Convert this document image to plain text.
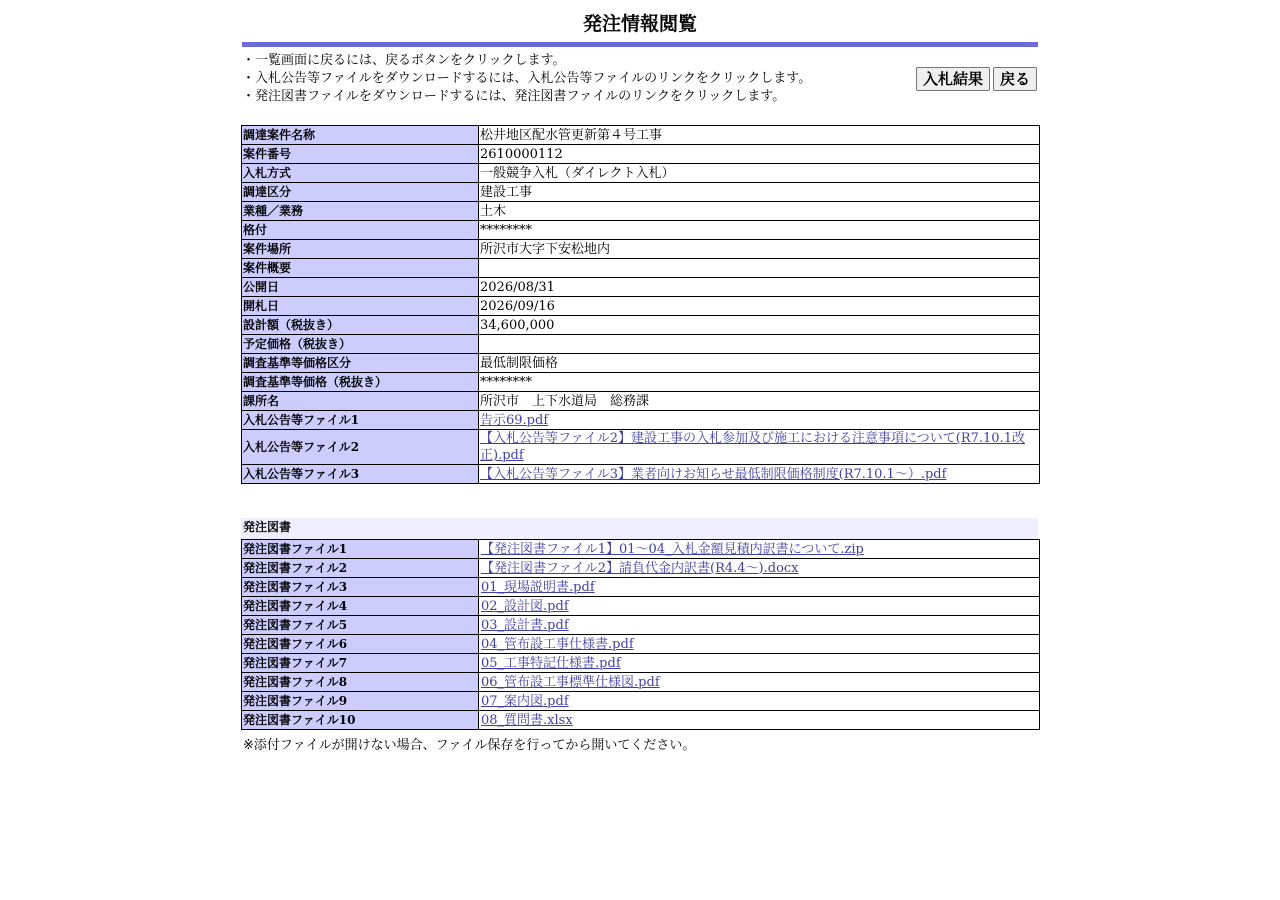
発注情報閲覧
・一覧画面に戻るには、戻るボタンをクリックします。
・入札公告等ファイルをダウンロードするには、入札公告等ファイルのリンクをクリックします。
・発注図書ファイルをダウンロードするには、発注図書ファイルのリンクをクリックします。
入札結果	戻る
調達案件名称	松井地区配水管更新第４号工事
案件番号	2610000112
入札方式	一般競争入札（ダイレクト入札）
調達区分	建設工事
業種／業務	土木
格付	********
案件場所	所沢市大字下安松地内
案件概要	
公開日	2026/08/31
開札日	2026/09/16
設計額（税抜き）	34,600,000
予定価格（税抜き）	
調査基準等価格区分	最低制限価格
調査基準等価格（税抜き）	********
課所名	所沢市　上下水道局　総務課
入札公告等ファイル1	告示69.pdf
入札公告等ファイル2	【入札公告等ファイル2】建設工事の入札参加及び施工における注意事項について(R7.10.1改正).pdf
入札公告等ファイル3	【入札公告等ファイル3】業者向けお知らせ最低制限価格制度(R7.10.1～）.pdf
発注図書
発注図書ファイル1	【発注図書ファイル1】01～04_入札金額見積内訳書について.zip
発注図書ファイル2	【発注図書ファイル2】請負代金内訳書(R4.4～).docx
発注図書ファイル3	01_現場説明書.pdf
発注図書ファイル4	02_設計図.pdf
発注図書ファイル5	03_設計書.pdf
発注図書ファイル6	04_管布設工事仕様書.pdf
発注図書ファイル7	05_工事特記仕様書.pdf
発注図書ファイル8	06_管布設工事標準仕様図.pdf
発注図書ファイル9	07_案内図.pdf
発注図書ファイル10	08_質問書.xlsx
※添付ファイルが開けない場合、ファイル保存を行ってから開いてください。
